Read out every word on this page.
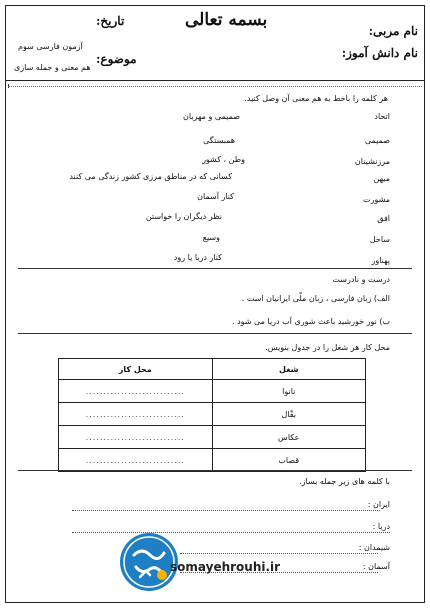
بسمه تعالی
نام مربی:
نام دانش آموز:
تاریخ:
موضوع:
آزمون فارسی سوم
هم معنی و جمله سازی
هر کلمه را باخط به هم معنی آن وصل کنید.
اتحاد
صمیمی و مهربان
صمیمی
همبستگی
مرزنشینان
وطن ، کشور
میهن
کسانی که در مناطق مرزی کشور زندگی می کنند
مشورت
کنار آسمان
افق
نظر دیگران را خواستن
ساحل
وسیع
پهناور
کنار دریا یا رود
درست و نادرست
الف) زبان فارسی ، زبان ملّی ایرانیان است .
ب) نور خورشید باعث شوری آب دریا می شود .
محل کار هر شغل را در جدول بنویس.
شغل	محل کار
نانوا	............................
بقّال	............................
عکاس	............................
قصاب	............................
با کلمه های زیر جمله بساز.
ایران :
دریا :
شیمدان :
آسمان :
somayehrouhi.ir
